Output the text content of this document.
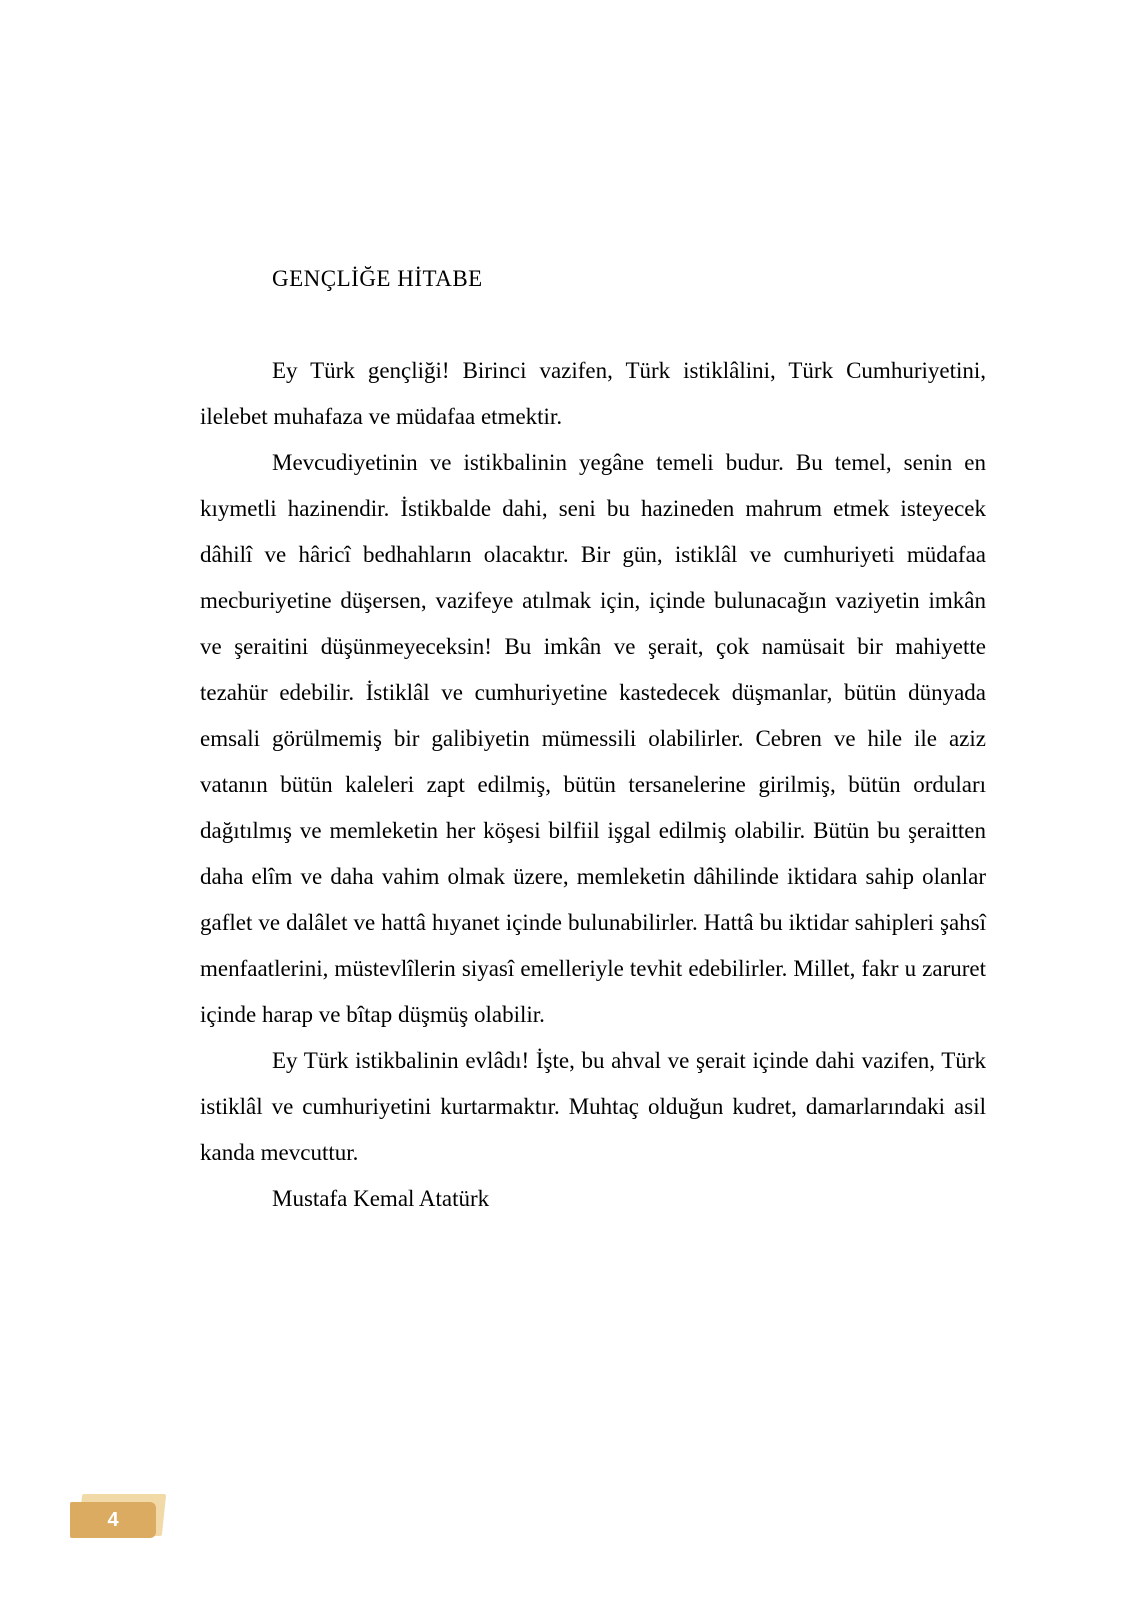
GENÇLİĞE HİTABE

Ey Türk gençliği! Birinci vazifen, Türk istiklâlini, Türk Cumhuriyetini, ilelebet muhafaza ve müdafaa etmektir.

Mevcudiyetinin ve istikbalinin yegâne temeli budur. Bu temel, senin en kıymetli hazinendir. İstikbalde dahi, seni bu hazineden mahrum etmek isteyecek dâhilî ve hâricî bedhahların olacaktır. Bir gün, istiklâl ve cumhuriyeti müdafaa mecburiyetine düşersen, vazifeye atılmak için, içinde bulunacağın vaziyetin imkân ve şeraitini düşünmeyeceksin! Bu imkân ve şerait, çok namüsait bir mahiyette tezahür edebilir. İstiklâl ve cumhuriyetine kastedecek düşmanlar, bütün dünyada emsali görülmemiş bir galibiyetin mümessili olabilirler. Cebren ve hile ile aziz vatanın bütün kaleleri zapt edilmiş, bütün tersanelerine girilmiş, bütün orduları dağıtılmış ve memleketin her köşesi bilfiil işgal edilmiş olabilir. Bütün bu şeraitten daha elîm ve daha vahim olmak üzere, memleketin dâhilinde iktidara sahip olanlar gaflet ve dalâlet ve hattâ hıyanet içinde bulunabilirler. Hattâ bu iktidar sahipleri şahsî menfaatlerini, müstevlîlerin siyasî emelleriyle tevhit edebilirler. Millet, fakr u zaruret içinde harap ve bîtap düşmüş olabilir.

Ey Türk istikbalinin evlâdı! İşte, bu ahval ve şerait içinde dahi vazifen, Türk istiklâl ve cumhuriyetini kurtarmaktır. Muhtaç olduğun kudret, damarlarındaki asil kanda mevcuttur.

Mustafa Kemal Atatürk

4
